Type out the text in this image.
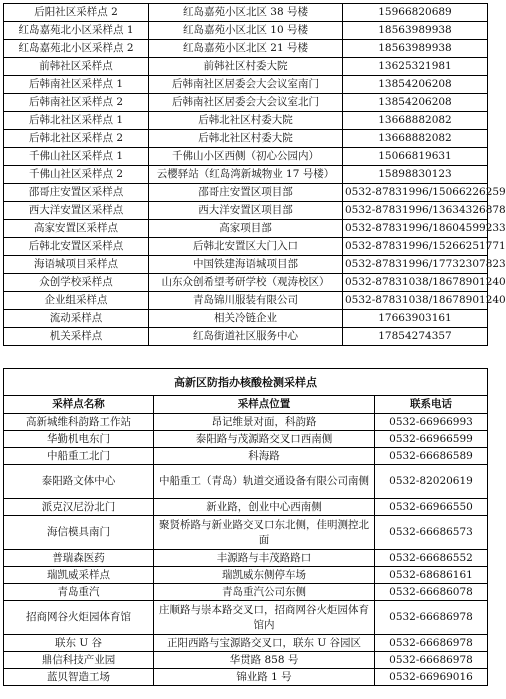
后阳社区采样点 2	红岛嘉苑小区北区 38 号楼	15966820689
红岛嘉苑北小区采样点 1	红岛嘉苑小区北区 10 号楼	18563989938
红岛嘉苑北小区采样点 2	红岛嘉苑小区北区 21 号楼	18563989938
前韩社区采样点	前韩社区村委大院	13625321981
后韩南社区采样点 1	后韩南社区居委会大会议室南门	13854206208
后韩南社区采样点 2	后韩南社区居委会大会议室北门	13854206208
后韩北社区采样点 1	后韩北社区村委大院	13668882082
后韩北社区采样点 2	后韩北社区村委大院	13668882082
千佛山社区采样点 1	千佛山小区西侧（初心公园内）	15066819631
千佛山社区采样点 2	云樱驿站（红岛湾新城物业 17 号楼）	15898830123
邵哥庄安置区采样点	邵哥庄安置区项目部	0532-87831996/15066226259
西大洋安置区采样点	西大洋安置区项目部	0532-87831996/13634326878
高家安置区采样点	高家项目部	0532-87831996/18604599233
后韩北安置区采样点	后韩北安置区大门入口	0532-87831996/15266251771
海语城项目采样点	中国铁建海语城项目部	0532-87831996/17732307823
众创学校采样点	山东众创希望考研学校（观涛校区）	0532-87831038/18678901240
企业组采样点	青岛锦川服装有限公司	0532-87831038/18678901240
流动采样点	相关冷链企业	17663903161
机关采样点	红岛街道社区服务中心	17854274357
高新区防指办核酸检测采样点		
采样点名称	采样点位置	联系电话
高新城维科韵路工作站	昂记维景对面，科韵路	0532-66966993
华勤机电东门	泰阳路与茂源路交叉口西南侧	0532-66966599
中船重工北门	科海路	0532-66686589
泰阳路文体中心	中船重工（青岛）轨道交通设备有限公司南侧	0532-82020619
派克汉尼汾北门	新业路，创业中心西南侧	0532-66966550
海信模具南门	聚贤桥路与新业路交叉口东北侧，佳明测控北面	0532-66686573
普瑞森医药	丰源路与丰茂路路口	0532-66686552
瑞凯威采样点	瑞凯威东侧停车场	0532-68686161
青岛重汽	青岛重汽公司东侧	0532-66686078
招商网谷火炬园体育馆	庄顺路与崇本路交叉口，招商网谷火炬园体育馆内	0532-66686978
联东 U 谷	正阳西路与宝源路交叉口，联东 U 谷园区	0532-66686978
鼎信科技产业园	华贯路 858 号	0532-66686978
蓝贝智造工场	锦业路 1 号	0532-66969016
